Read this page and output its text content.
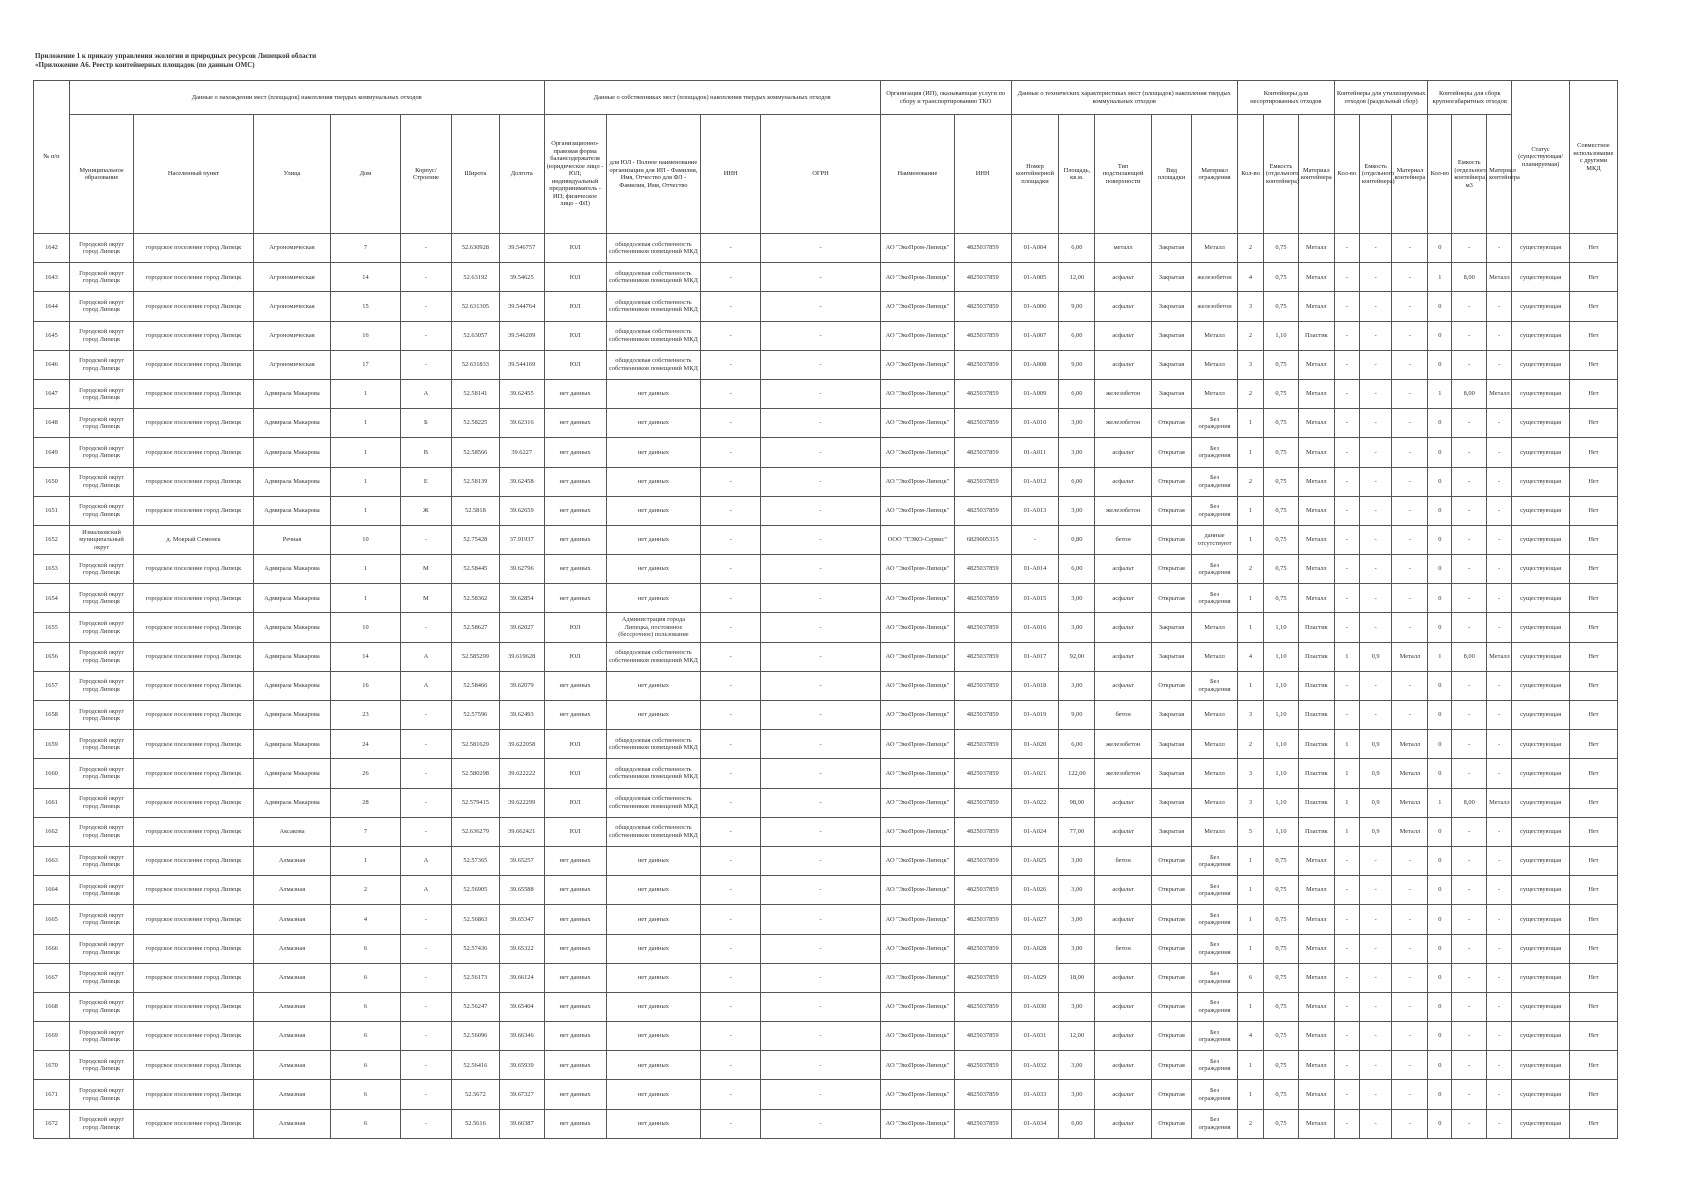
Приложение 1 к приказу управления экологии и природных ресурсов Липецкой области
«Приложение А6. Реестр контейнерных площадок (по данным ОМС)
№ п/п	Данные о нахождении мест (площадок) накопления твердых коммунальных отходов							Данные о собственниках мест (площадок) накопления твердых коммунальных отходов				Организация (ИП), оказывающая услуги по сбору и транспортированию ТКО		Данные о технических характеристиках мест (площадок) накопления твердых коммунальных отходов					Контейнеры для несортированных отходов			Контейнеры для утилизируемых отходов (раздельный сбор)			Контейнеры для сборк крупногабаритных отходов			Статус (существующая/ планируемая)	Совместное использование с другими МКД
	Муниципальное образование	Населенный пункт	Улица	Дом	Корпус/Строение	Широта	Долгота	Организационно-правовая форма балансодержателя (юридическое лицо - ЮЛ; индивидуальный предприниматель - ИП; физическое лицо - ФЛ)	для ЮЛ - Полное наименование организации для ИП - Фамилия, Имя, Отчество для ФЛ - Фамилия, Имя, Отчество	ИНН	ОГРН	Наименование	ИНН	Номер контейнерной площадки	Площадь, кв.м.	Тип подстилающей поверхности	Вид площадки	Материал ограждения	Кол-во	Емкость (отдельного контейнера)	Материал контейнера	Кол-во	Емкость (отдельного контейнера)	Материал контейнера	Кол-во	Емкость (отдельного контейнера) м3	Материал контейнера		
1642	Городской округ город Липецк	городское поселение город Липецк	Агрономическая	7	-	52.630928	39.546757	ЮЛ	общедолевая собственность собственников помещений МКД	-	-	АО "ЭкоПром-Липецк"	4825037859	01-А004	6,00	металл	Закрытая	Металл	2	0,75	Металл	-	-	-	0	-	-	существующая	Нет
1643	Городской округ город Липецк	городское поселение город Липецк	Агрономическая	14	-	52.63192	39.54625	ЮЛ	общедолевая собственность собственников помещений МКД	-	-	АО "ЭкоПром-Липецк"	4825037859	01-А005	12,00	асфальт	Закрытая	железобетон	4	0,75	Металл	-	-	-	1	8,00	Металл	существующая	Нет
1644	Городской округ город Липецк	городское поселение город Липецк	Агрономическая	15	-	52.631305	39.544764	ЮЛ	общедолевая собственность собственников помещений МКД	-	-	АО "ЭкоПром-Липецк"	4825037859	01-А006	9,00	асфальт	Закрытая	железобетон	3	0,75	Металл	-	-	-	0	-	-	существующая	Нет
1645	Городской округ город Липецк	городское поселение город Липецк	Агрономическая	16	-	52.63057	39.546209	ЮЛ	общедолевая собственность собственников помещений МКД	-	-	АО "ЭкоПром-Липецк"	4825037859	01-А007	6,00	асфальт	Закрытая	Металл	2	1,10	Пластик	-	-	-	0	-	-	существующая	Нет
1646	Городской округ город Липецк	городское поселение город Липецк	Агрономическая	17	-	52.631833	39.544169	ЮЛ	общедолевая собственность собственников помещений МКД	-	-	АО "ЭкоПром-Липецк"	4825037859	01-А008	9,00	асфальт	Закрытая	Металл	3	0,75	Металл	-	-	-	0	-	-	существующая	Нет
1647	Городской округ город Липецк	городское поселение город Липецк	Адмирала Макарова	1	А	52.58141	39.62455	нет данных	нет данных	-	-	АО "ЭкоПром-Липецк"	4825037859	01-А009	6,00	железобетон	Закрытая	Металл	2	0,75	Металл	-	-	-	1	8,00	Металл	существующая	Нет
1648	Городской округ город Липецк	городское поселение город Липецк	Адмирала Макарова	1	Б	52.58225	39.62316	нет данных	нет данных	-	-	АО "ЭкоПром-Липецк"	4825037859	01-А010	3,00	железобетон	Открытая	Без ограждения	1	0,75	Металл	-	-	-	0	-	-	существующая	Нет
1649	Городской округ город Липецк	городское поселение город Липецк	Адмирала Макарова	1	В	52.58566	39.6227	нет данных	нет данных	-	-	АО "ЭкоПром-Липецк"	4825037859	01-А011	3,00	асфальт	Открытая	Без ограждения	1	0,75	Металл	-	-	-	0	-	-	существующая	Нет
1650	Городской округ город Липецк	городское поселение город Липецк	Адмирала Макарова	1	Е	52.58139	39.62458	нет данных	нет данных	-	-	АО "ЭкоПром-Липецк"	4825037859	01-А012	6,00	асфальт	Открытая	Без ограждения	2	0,75	Металл	-	-	-	0	-	-	существующая	Нет
1651	Городской округ город Липецк	городское поселение город Липецк	Адмирала Макарова	1	Ж	52.5818	39.62659	нет данных	нет данных	-	-	АО "ЭкоПром-Липецк"	4825037859	01-А013	3,00	железобетон	Открытая	Без ограждения	1	0,75	Металл	-	-	-	0	-	-	существующая	Нет
1652	Измалковский муниципальный округ	д. Мокрый Семенек	Речная	10	-	52.75428	37.91937	нет данных	нет данных	-	-	ООО "ТЭКО-Сервис"	6829005315	-	0,80	бетон	Открытая	данные отсутствуют	1	0,75	Металл	-	-	-	0	-	-	существующая	Нет
1653	Городской округ город Липецк	городское поселение город Липецк	Адмирала Макарова	1	М	52.58445	39.62796	нет данных	нет данных	-	-	АО "ЭкоПром-Липецк"	4825037859	01-А014	6,00	асфальт	Открытая	Без ограждения	2	0,75	Металл	-	-	-	0	-	-	существующая	Нет
1654	Городской округ город Липецк	городское поселение город Липецк	Адмирала Макарова	1	М	52.58362	39.62854	нет данных	нет данных	-	-	АО "ЭкоПром-Липецк"	4825037859	01-А015	3,00	асфальт	Открытая	Без ограждения	1	0,75	Металл	-	-	-	0	-	-	существующая	Нет
1655	Городской округ город Липецк	городское поселение город Липецк	Адмирала Макарова	10	-	52.58627	39.62027	ЮЛ	Администрация города Липецка, постоянное (бессрочное) пользование	-	-	АО "ЭкоПром-Липецк"	4825037859	01-А016	3,00	асфальт	Закрытая	Металл	1	1,10	Пластик	-	-	-	0	-	-	существующая	Нет
1656	Городской округ город Липецк	городское поселение город Липецк	Адмирала Макарова	14	А	52.585299	39.619628	ЮЛ	общедолевая собственность собственников помещений МКД	-	-	АО "ЭкоПром-Липецк"	4825037859	01-А017	92,00	асфальт	Закрытая	Металл	4	1,10	Пластик	1	0,9	Металл	1	8,00	Металл	существующая	Нет
1657	Городской округ город Липецк	городское поселение город Липецк	Адмирала Макарова	16	А	52.58466	39.62079	нет данных	нет данных	-	-	АО "ЭкоПром-Липецк"	4825037859	01-А018	3,00	асфальт	Открытая	Без ограждения	1	1,10	Пластик	-	-	-	0	-	-	существующая	Нет
1658	Городской округ город Липецк	городское поселение город Липецк	Адмирала Макарова	23	-	52.57596	39.62493	нет данных	нет данных	-	-	АО "ЭкоПром-Липецк"	4825037859	01-А019	9,00	бетон	Закрытая	Металл	3	1,10	Пластик	-	-	-	0	-	-	существующая	Нет
1659	Городской округ город Липецк	городское поселение город Липецк	Адмирала Макарова	24	-	52.581629	39.622058	ЮЛ	общедолевая собственность собственников помещений МКД	-	-	АО "ЭкоПром-Липецк"	4825037859	01-А020	6,00	железобетон	Закрытая	Металл	2	1,10	Пластик	1	0,9	Металл	0	-	-	существующая	Нет
1660	Городской округ город Липецк	городское поселение город Липецк	Адмирала Макарова	26	-	52.580298	39.622222	ЮЛ	общедолевая собственность собственников помещений МКД	-	-	АО "ЭкоПром-Липецк"	4825037859	01-А021	122,00	железобетон	Закрытая	Металл	3	1,10	Пластик	1	0,9	Металл	0	-	-	существующая	Нет
1661	Городской округ город Липецк	городское поселение город Липецк	Адмирала Макарова	28	-	52.579415	39.622299	ЮЛ	общедолевая собственность собственников помещений МКД	-	-	АО "ЭкоПром-Липецк"	4825037859	01-А022	98,00	асфальт	Закрытая	Металл	3	1,10	Пластик	1	0,9	Металл	1	8,00	Металл	существующая	Нет
1662	Городской округ город Липецк	городское поселение город Липецк	Аксакова	7	-	52.636279	39.662421	ЮЛ	общедолевая собственность собственников помещений МКД	-	-	АО "ЭкоПром-Липецк"	4825037859	01-А024	77,00	асфальт	Закрытая	Металл	5	1,10	Пластик	1	0,9	Металл	0	-	-	существующая	Нет
1663	Городской округ город Липецк	городское поселение город Липецк	Алмазная	1	А	52.57365	39.65257	нет данных	нет данных	-	-	АО "ЭкоПром-Липецк"	4825037859	01-А025	3,00	бетон	Открытая	Без ограждения	1	0,75	Металл	-	-	-	0	-	-	существующая	Нет
1664	Городской округ город Липецк	городское поселение город Липецк	Алмазная	2	А	52.56905	39.65588	нет данных	нет данных	-	-	АО "ЭкоПром-Липецк"	4825037859	01-А026	3,00	асфальт	Открытая	Без ограждения	1	0,75	Металл	-	-	-	0	-	-	существующая	Нет
1665	Городской округ город Липецк	городское поселение город Липецк	Алмазная	4	-	52.56863	39.65347	нет данных	нет данных	-	-	АО "ЭкоПром-Липецк"	4825037859	01-А027	3,00	асфальт	Открытая	Без ограждения	1	0,75	Металл	-	-	-	0	-	-	существующая	Нет
1666	Городской округ город Липецк	городское поселение город Липецк	Алмазная	6	-	52.57436	39.65322	нет данных	нет данных	-	-	АО "ЭкоПром-Липецк"	4825037859	01-А028	3,00	бетон	Открытая	Без ограждения	1	0,75	Металл	-	-	-	0	-	-	существующая	Нет
1667	Городской округ город Липецк	городское поселение город Липецк	Алмазная	6	-	52.56173	39.66124	нет данных	нет данных	-	-	АО "ЭкоПром-Липецк"	4825037859	01-А029	18,00	асфальт	Открытая	Без ограждения	6	0,75	Металл	-	-	-	0	-	-	существующая	Нет
1668	Городской округ город Липецк	городское поселение город Липецк	Алмазная	6	-	52.56247	39.65404	нет данных	нет данных	-	-	АО "ЭкоПром-Липецк"	4825037859	01-А030	3,00	асфальт	Открытая	Без ограждения	1	0,75	Металл	-	-	-	0	-	-	существующая	Нет
1669	Городской округ город Липецк	городское поселение город Липецк	Алмазная	6	-	52.56096	39.66346	нет данных	нет данных	-	-	АО "ЭкоПром-Липецк"	4825037859	01-А031	12,00	асфальт	Открытая	Без ограждения	4	0,75	Металл	-	-	-	0	-	-	существующая	Нет
1670	Городской округ город Липецк	городское поселение город Липецк	Алмазная	6	-	52.56416	39.65939	нет данных	нет данных	-	-	АО "ЭкоПром-Липецк"	4825037859	01-А032	3,00	асфальт	Открытая	Без ограждения	1	0,75	Металл	-	-	-	0	-	-	существующая	Нет
1671	Городской округ город Липецк	городское поселение город Липецк	Алмазная	6	-	52.5672	39.67327	нет данных	нет данных	-	-	АО "ЭкоПром-Липецк"	4825037859	01-А033	3,00	асфальт	Открытая	Без ограждения	1	0,75	Металл	-	-	-	0	-	-	существующая	Нет
1672	Городской округ город Липецк	городское поселение город Липецк	Алмазная	6	-	52.5616	39.66387	нет данных	нет данных	-	-	АО "ЭкоПром-Липецк"	4825037859	01-А034	6,00	асфальт	Открытая	Без ограждения	2	0,75	Металл	-	-	-	0	-	-	существующая	Нет
